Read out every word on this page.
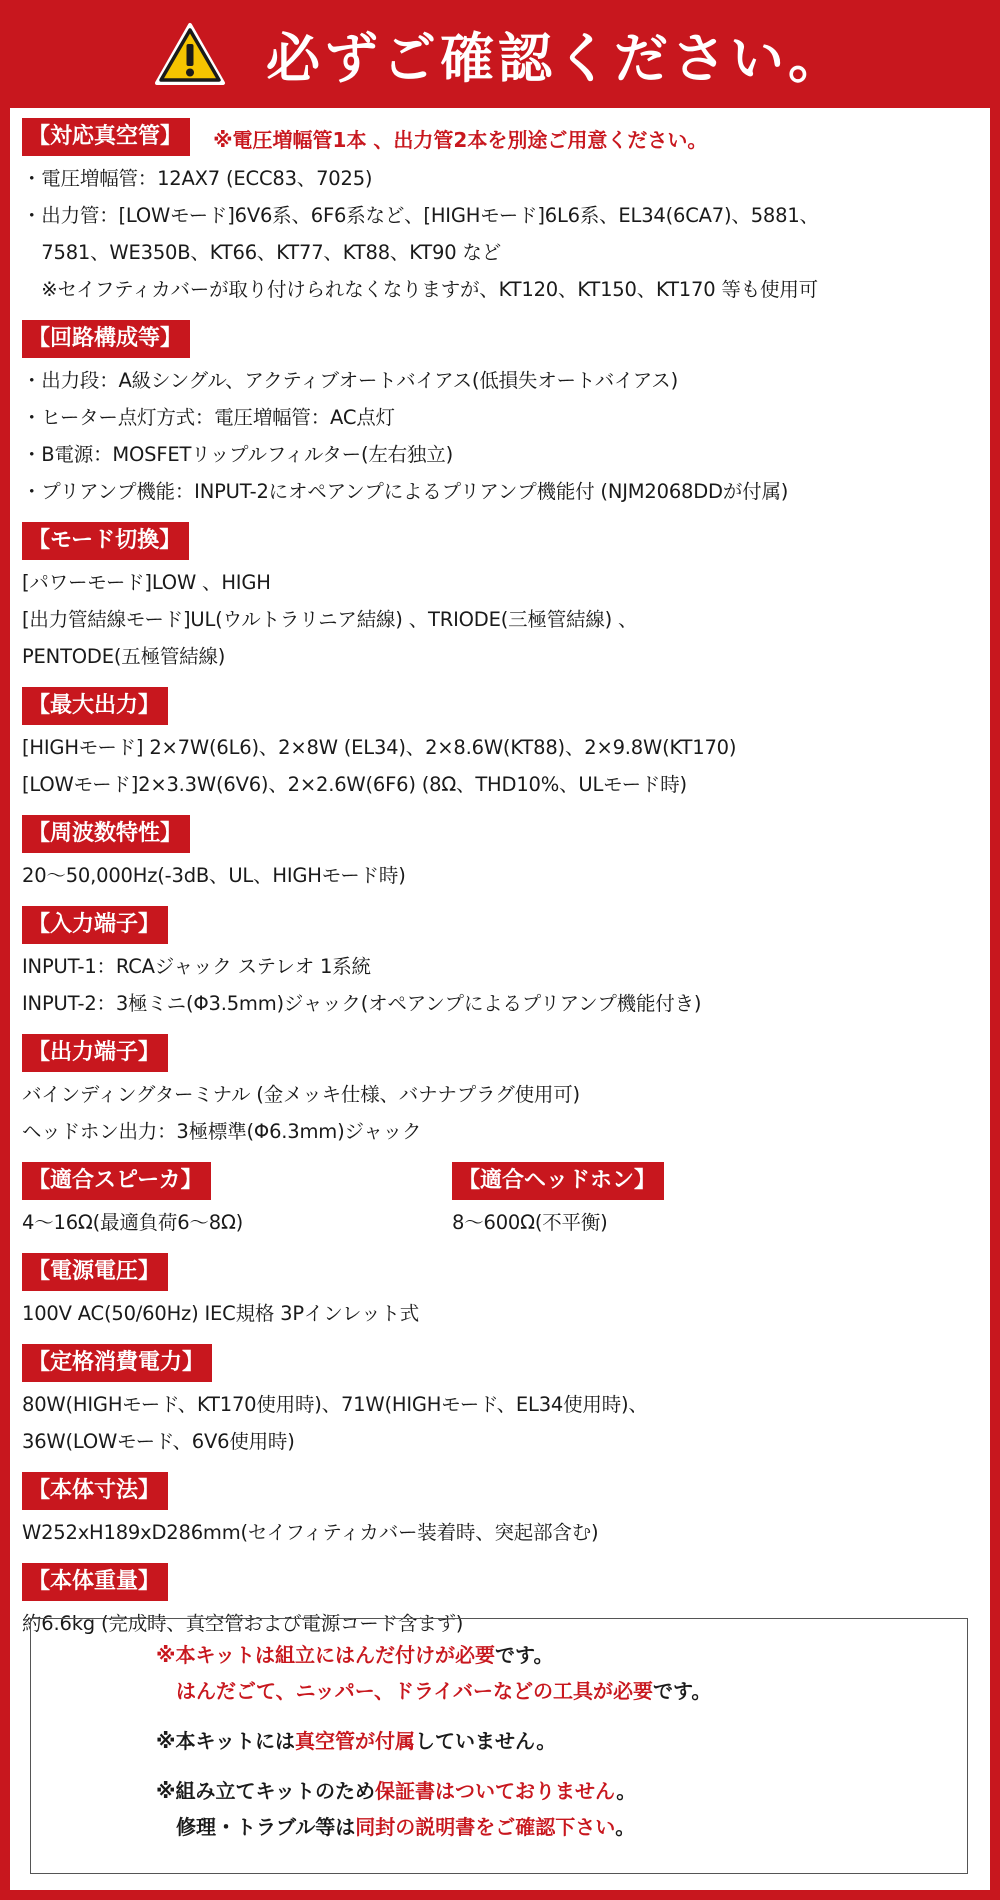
必ずご確認ください。
【対応真空管】 ※電圧増幅管1本 、出力管2本を別途ご用意ください。
・電圧増幅管：12AX7 (ECC83、7025)
・出力管：[LOWモード]6V6系、6F6系など、[HIGHモード]6L6系、EL34(6CA7)、5881、
　7581、WE350B、KT66、KT77、KT88、KT90 など
　※セイフティカバーが取り付けられなくなりますが、KT120、KT150、KT170 等も使用可
【回路構成等】
・出力段：A級シングル、アクティブオートバイアス(低損失オートバイアス)
・ヒーター点灯方式：電圧増幅管：AC点灯
・B電源：MOSFETリップルフィルター(左右独立)
・プリアンプ機能：INPUT-2にオペアンプによるプリアンプ機能付 (NJM2068DDが付属)
【モード切換】
[パワーモード]LOW 、HIGH
[出力管結線モード]UL(ウルトラリニア結線) 、TRIODE(三極管結線) 、
PENTODE(五極管結線)
【最大出力】
[HIGHモード] 2×7W(6L6)、2×8W (EL34)、2×8.6W(KT88)、2×9.8W(KT170)
[LOWモード]2×3.3W(6V6)、2×2.6W(6F6) (8Ω、THD10%、ULモード時)
【周波数特性】
20～50,000Hz(-3dB、UL、HIGHモード時)
【入力端子】
INPUT-1：RCAジャック ステレオ 1系統
INPUT-2：3極ミニ(Φ3.5mm)ジャック(オペアンプによるプリアンプ機能付き)
【出力端子】
バインディングターミナル (金メッキ仕様、バナナプラグ使用可)
ヘッドホン出力：3極標準(Φ6.3mm)ジャック
【適合スピーカ】
4～16Ω(最適負荷6～8Ω)
【適合ヘッドホン】
8～600Ω(不平衡)
【電源電圧】
100V AC(50/60Hz) IEC規格 3Pインレット式
【定格消費電力】
80W(HIGHモード、KT170使用時)、71W(HIGHモード、EL34使用時)、
36W(LOWモード、6V6使用時)
【本体寸法】
W252xH189xD286mm(セイフィティカバー装着時、突起部含む)
【本体重量】
約6.6kg (完成時、真空管および電源コード含まず)
※本キットは組立にはんだ付けが必要です。
　はんだごて、ニッパー、ドライバーなどの工具が必要です。
※本キットには真空管が付属していません。
※組み立てキットのため保証書はついておりません。
　修理・トラブル等は同封の説明書をご確認下さい。
